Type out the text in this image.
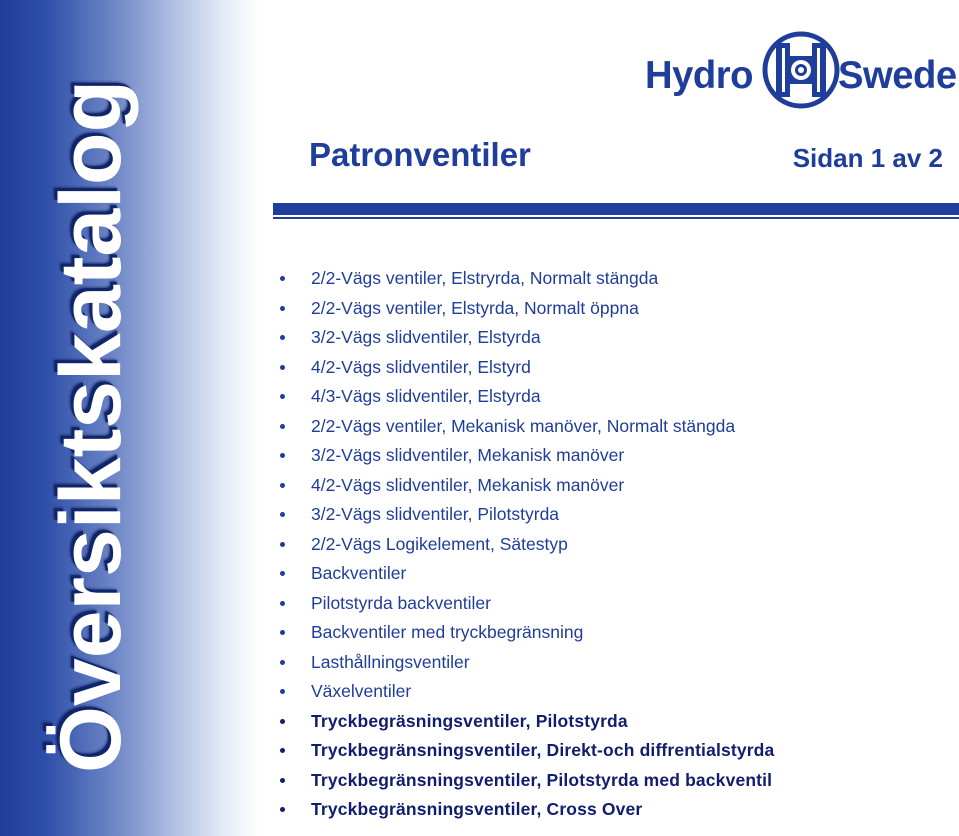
Översiktskatalog
Hydro Swede
Patronventiler	Sidan 1 av 2
2/2-Vägs ventiler, Elstryrda, Normalt stängda
2/2-Vägs ventiler, Elstyrda, Normalt öppna
3/2-Vägs slidventiler, Elstyrda
4/2-Vägs slidventiler, Elstyrd
4/3-Vägs slidventiler, Elstyrda
2/2-Vägs ventiler, Mekanisk manöver, Normalt stängda
3/2-Vägs slidventiler, Mekanisk manöver
4/2-Vägs slidventiler, Mekanisk manöver
3/2-Vägs slidventiler, Pilotstyrda
2/2-Vägs Logikelement, Sätestyp
Backventiler
Pilotstyrda backventiler
Backventiler med tryckbegränsning
Lasthållningsventiler
Växelventiler
Tryckbegräsningsventiler, Pilotstyrda
Tryckbegränsningsventiler, Direkt-och diffrentialstyrda
Tryckbegränsningsventiler, Pilotstyrda med backventil
Tryckbegränsningsventiler, Cross Over
